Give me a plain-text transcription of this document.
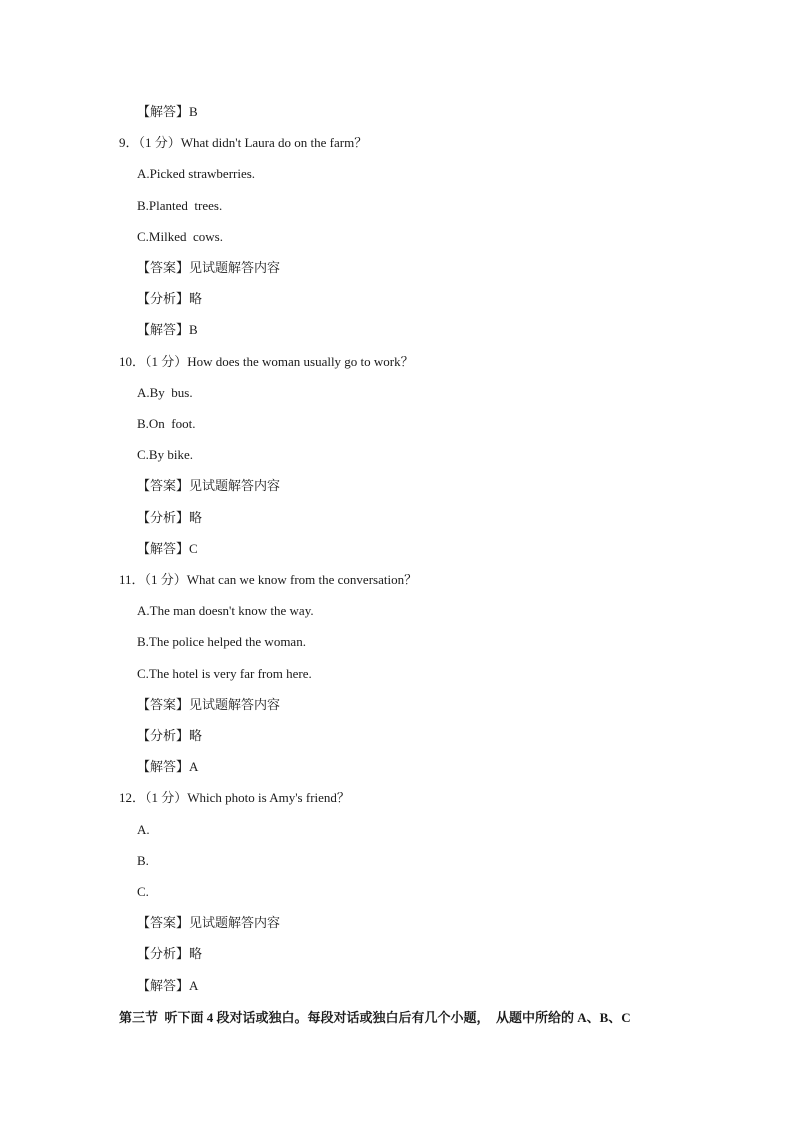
【解答】B
9．（1 分）What didn't Laura do on the farm？
A.Picked strawberries.
B.Planted  trees.
C.Milked  cows.
【答案】见试题解答内容
【分析】略
【解答】B
10．（1 分）How does the woman usually go to work？
A.By  bus.
B.On  foot.
C.By bike.
【答案】见试题解答内容
【分析】略
【解答】C
11．（1 分）What can we know from the conversation？
A.The man doesn't know the way.
B.The police helped the woman.
C.The hotel is very far from here.
【答案】见试题解答内容
【分析】略
【解答】A
12．（1 分）Which photo is Amy's friend？
A.
B.
C.
【答案】见试题解答内容
【分析】略
【解答】A
第三节  听下面 4 段对话或独白。每段对话或独白后有几个小题，  从题中所给的 A、B、C
